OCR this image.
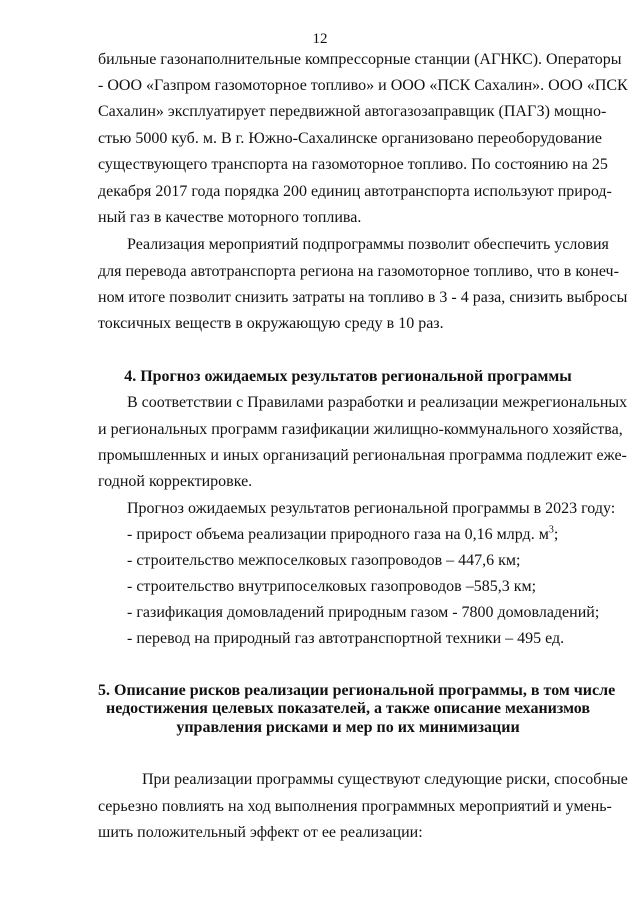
12
бильные газонаполнительные компрессорные станции (АГНКС). Операторы
- ООО «Газпром газомоторное топливо» и ООО «ПСК Сахалин». ООО «ПСК
Сахалин» эксплуатирует передвижной автогазозаправщик (ПАГЗ) мощно-
стью 5000 куб. м. В г. Южно-Сахалинске организовано переоборудование
существующего транспорта на газомоторное топливо. По состоянию на 25
декабря 2017 года порядка 200 единиц автотранспорта используют природ-
ный газ в качестве моторного топлива.
Реализация мероприятий подпрограммы позволит обеспечить условия
для перевода автотранспорта региона на газомоторное топливо, что в конеч-
ном итоге позволит снизить затраты на топливо в 3 - 4 раза, снизить выбросы
токсичных веществ в окружающую среду в 10 раз.
4. Прогноз ожидаемых результатов региональной программы
В соответствии с Правилами разработки и реализации межрегиональных
и региональных программ газификации жилищно-коммунального хозяйства,
промышленных и иных организаций региональная программа подлежит еже-
годной корректировке.
Прогноз ожидаемых результатов региональной программы в 2023 году:
- прирост объема реализации природного газа на 0,16 млрд. $м^3$;
- строительство межпоселковых газопроводов – 447,6 км;
- строительство внутрипоселковых газопроводов –585,3 км;
- газификация домовладений природным газом - 7800 домовладений;
- перевод на природный газ автотранспортной техники – 495 ед.
5. Описание рисков реализации региональной программы, в том числе
недостижения целевых показателей, а также описание механизмов
управления рисками и мер по их минимизации
При реализации программы существуют следующие риски, способные
серьезно повлиять на ход выполнения программных мероприятий и умень-
шить положительный эффект от ее реализации:
